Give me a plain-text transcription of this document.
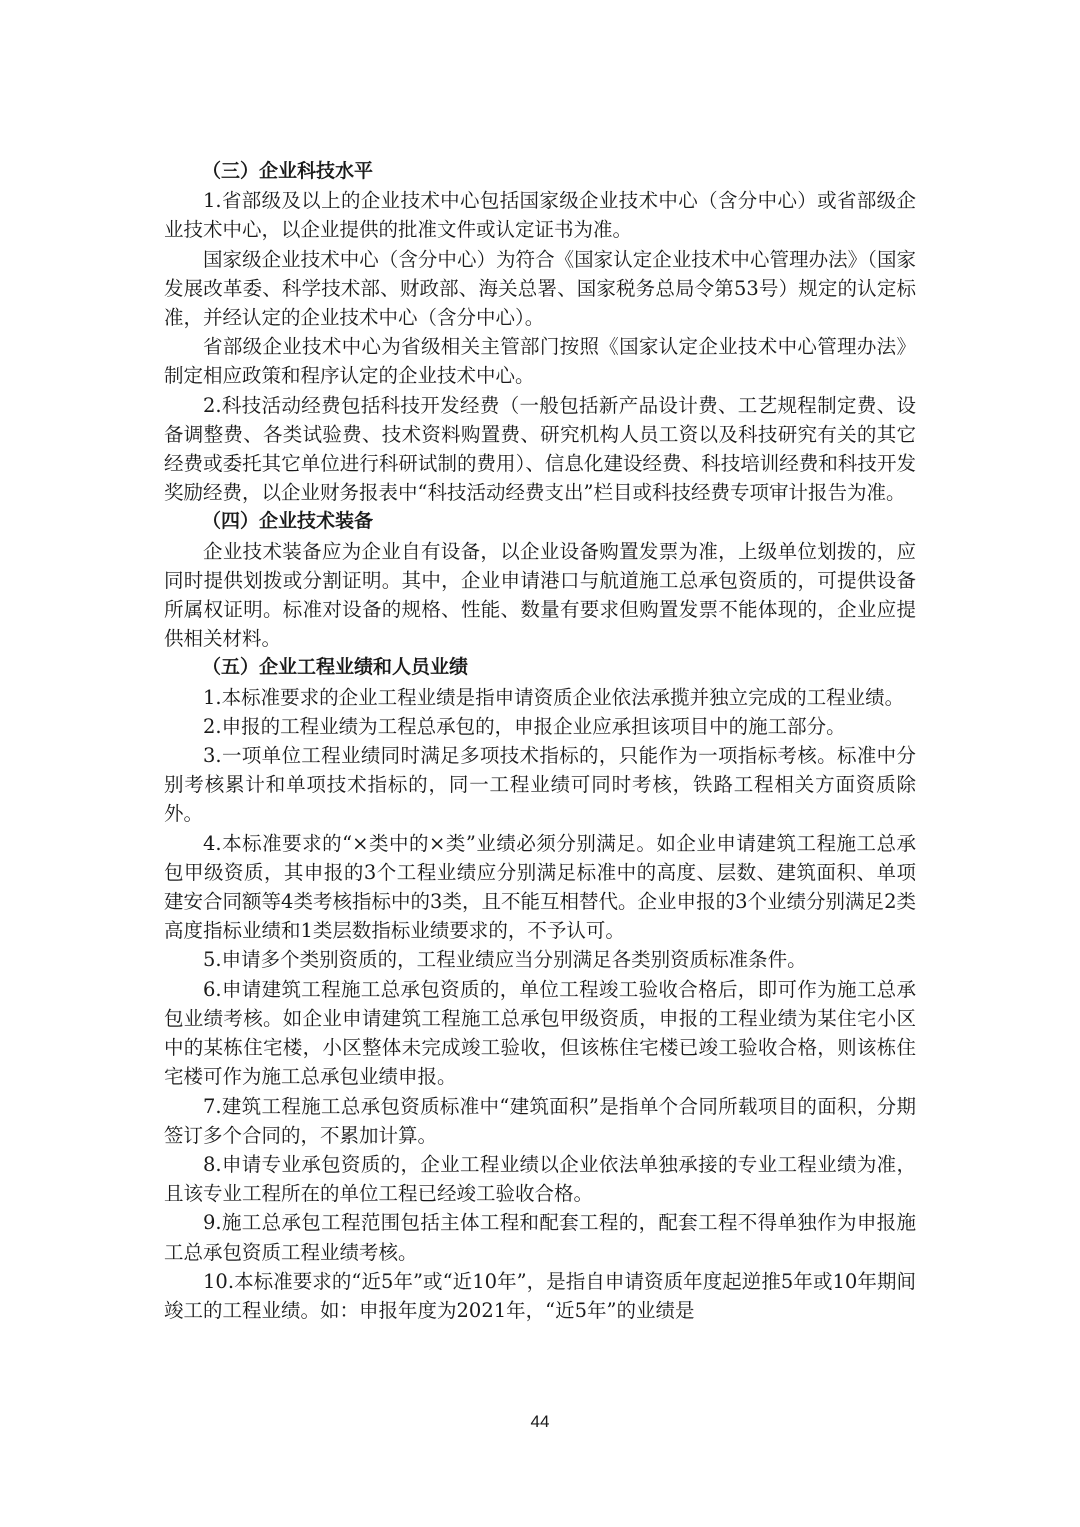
（三）企业科技水平

1.省部级及以上的企业技术中心包括国家级企业技术中心（含分中心）或省部级企业技术中心，以企业提供的批准文件或认定证书为准。

国家级企业技术中心（含分中心）为符合《国家认定企业技术中心管理办法》（国家发展改革委、科学技术部、财政部、海关总署、国家税务总局令第53号）规定的认定标准，并经认定的企业技术中心（含分中心）。

省部级企业技术中心为省级相关主管部门按照《国家认定企业技术中心管理办法》制定相应政策和程序认定的企业技术中心。

2.科技活动经费包括科技开发经费（一般包括新产品设计费、工艺规程制定费、设备调整费、各类试验费、技术资料购置费、研究机构人员工资以及科技研究有关的其它经费或委托其它单位进行科研试制的费用）、信息化建设经费、科技培训经费和科技开发奖励经费，以企业财务报表中“科技活动经费支出”栏目或科技经费专项审计报告为准。

（四）企业技术装备

企业技术装备应为企业自有设备，以企业设备购置发票为准，上级单位划拨的，应同时提供划拨或分割证明。其中，企业申请港口与航道施工总承包资质的，可提供设备所属权证明。标准对设备的规格、性能、数量有要求但购置发票不能体现的，企业应提供相关材料。

（五）企业工程业绩和人员业绩

1.本标准要求的企业工程业绩是指申请资质企业依法承揽并独立完成的工程业绩。

2.申报的工程业绩为工程总承包的，申报企业应承担该项目中的施工部分。

3.一项单位工程业绩同时满足多项技术指标的，只能作为一项指标考核。标准中分别考核累计和单项技术指标的，同一工程业绩可同时考核，铁路工程相关方面资质除外。

4.本标准要求的“×类中的×类”业绩必须分别满足。如企业申请建筑工程施工总承包甲级资质，其申报的3个工程业绩应分别满足标准中的高度、层数、建筑面积、单项建安合同额等4类考核指标中的3类，且不能互相替代。企业申报的3个业绩分别满足2类高度指标业绩和1类层数指标业绩要求的，不予认可。

5.申请多个类别资质的，工程业绩应当分别满足各类别资质标准条件。

6.申请建筑工程施工总承包资质的，单位工程竣工验收合格后，即可作为施工总承包业绩考核。如企业申请建筑工程施工总承包甲级资质，申报的工程业绩为某住宅小区中的某栋住宅楼，小区整体未完成竣工验收，但该栋住宅楼已竣工验收合格，则该栋住宅楼可作为施工总承包业绩申报。

7.建筑工程施工总承包资质标准中“建筑面积”是指单个合同所载项目的面积，分期签订多个合同的，不累加计算。

8.申请专业承包资质的，企业工程业绩以企业依法单独承接的专业工程业绩为准，且该专业工程所在的单位工程已经竣工验收合格。

9.施工总承包工程范围包括主体工程和配套工程的，配套工程不得单独作为申报施工总承包资质工程业绩考核。

10.本标准要求的“近5年”或“近10年”，是指自申请资质年度起逆推5年或10年期间竣工的工程业绩。如：申报年度为2021年，“近5年”的业绩是

44
